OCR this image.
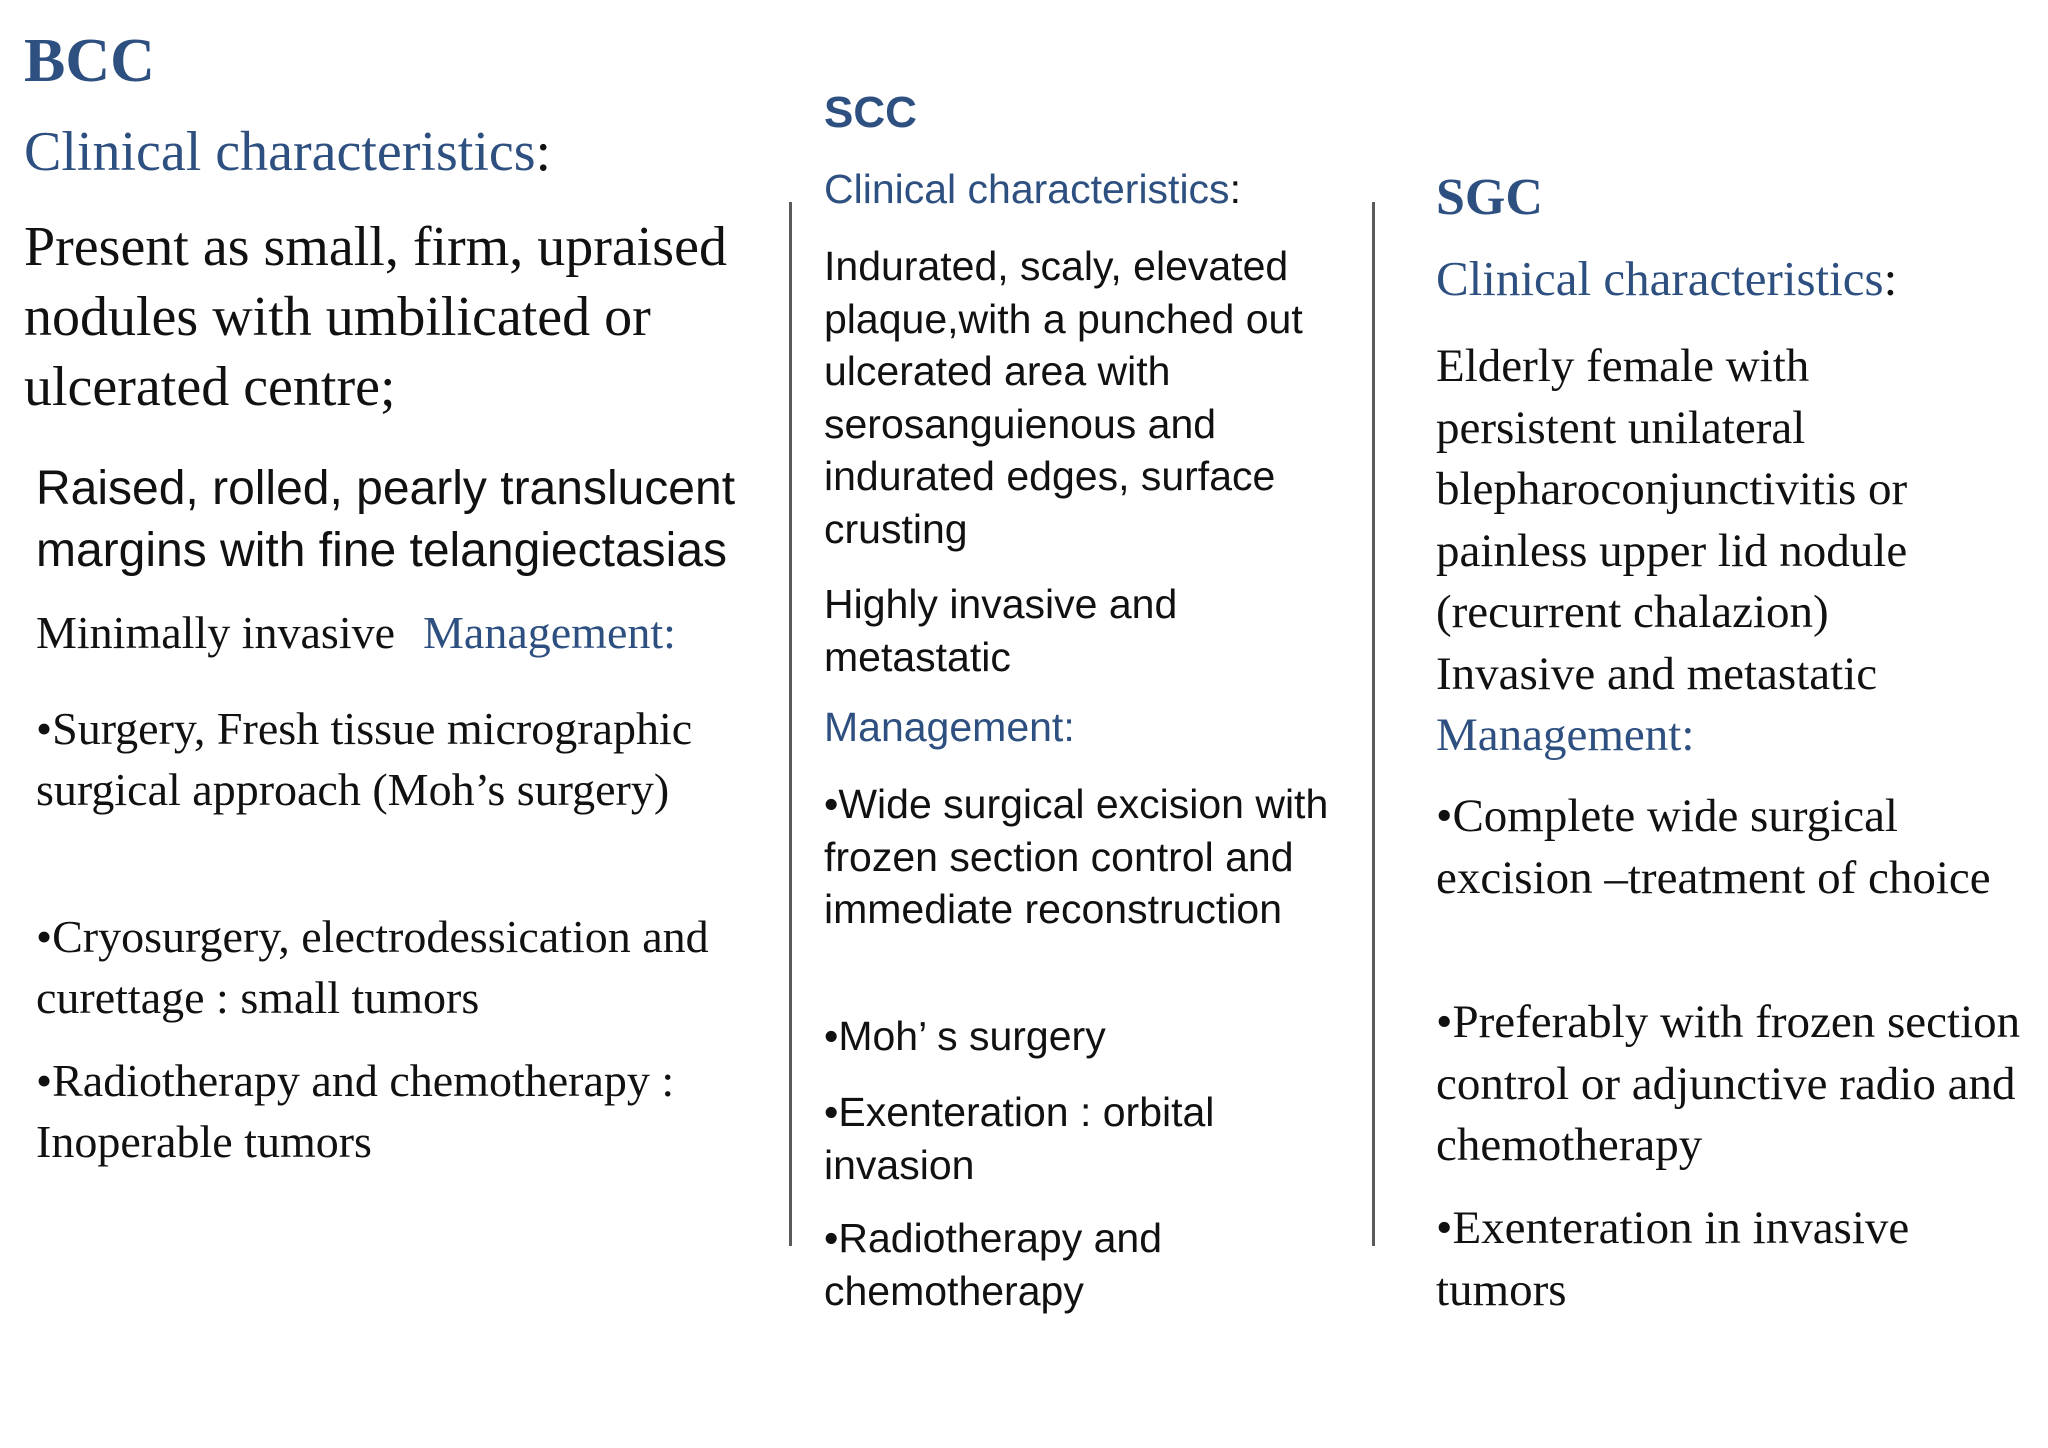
BCC
Clinical characteristics:

Present as small, firm, upraised nodules with umbilicated or ulcerated centre;

Raised, rolled, pearly translucent
margins with fine telangiectasias
Minimally invasive Management:

•Surgery, Fresh tissue micrographic surgical approach (Moh’s surgery)

•Cryosurgery, electrodessication and curettage : small tumors

•Radiotherapy and chemotherapy : Inoperable tumors

SCC
Clinical characteristics:

Indurated, scaly, elevated plaque,with a punched out ulcerated area with serosanguienous and indurated edges, surface crusting

Highly invasive and metastatic

Management:

•Wide surgical excision with frozen section control and immediate reconstruction

•Moh’ s surgery

•Exenteration : orbital invasion

•Radiotherapy and chemotherapy

SGC
Clinical characteristics:
Elderly female with
persistent unilateral
blepharoconjunctivitis or
painless upper lid nodule
(recurrent chalazion)
Invasive and metastatic
Management:

•Complete wide surgical excision –treatment of choice

•Preferably with frozen section control or adjunctive radio and chemotherapy

•Exenteration in invasive tumors
